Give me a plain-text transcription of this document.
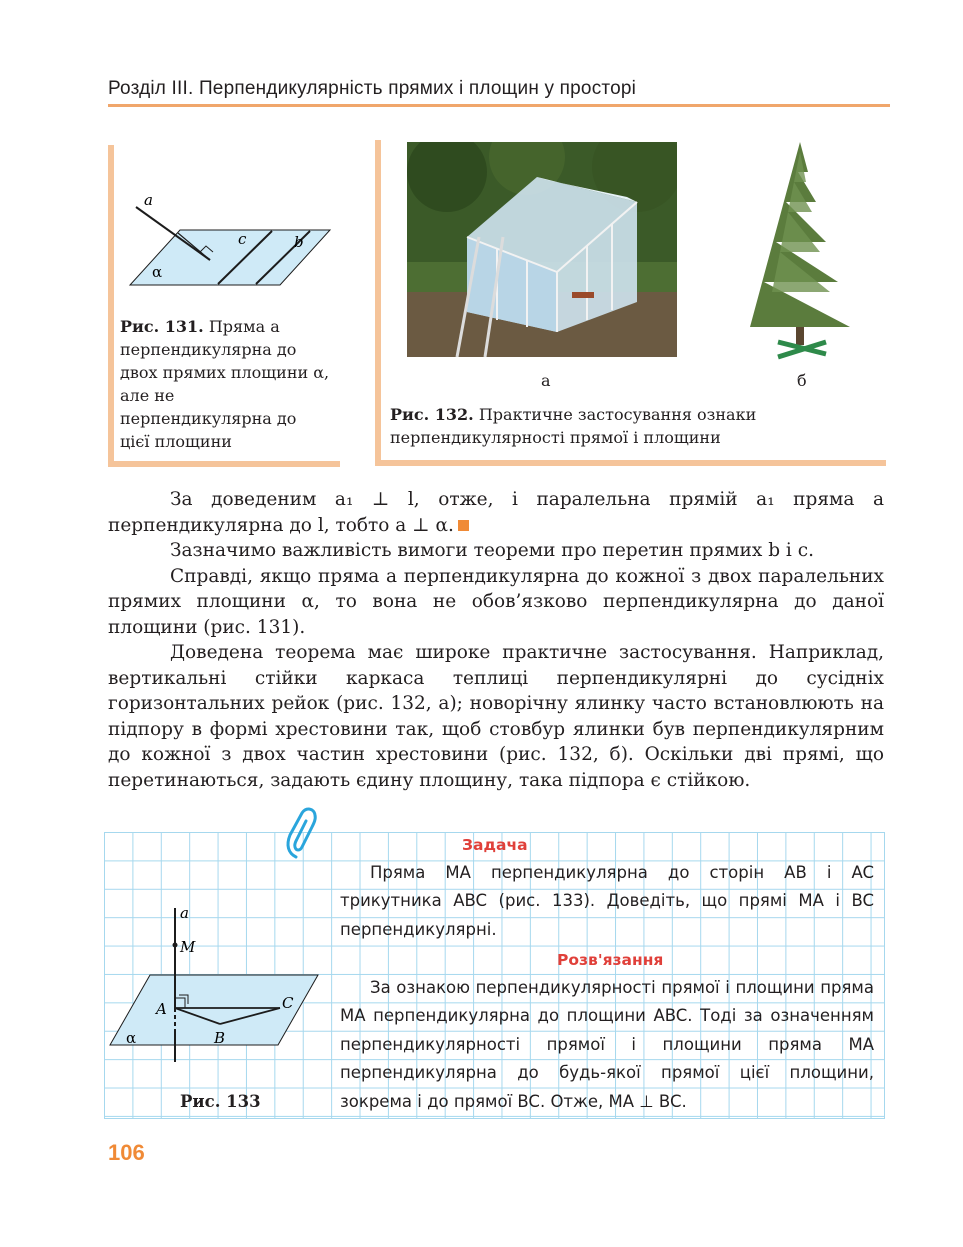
Розділ ІІІ. Перпендикулярність прямих і площин у просторі
a
c	b
α
Рис. 131. Пряма a перпендикулярна до двох прямих площини α, але не перпендикулярна до цієї площини
а	б
Рис. 132. Практичне застосування ознаки перпендикулярності прямої і площини

За доведеним a₁ ⊥ l, отже, і паралельна прямій a₁ пряма a перпендикулярна до l, тобто a ⊥ α.

Зазначимо важливість вимоги теореми про перетин прямих b і c.

Справді, якщо пряма a перпендикулярна до кожної з двох паралельних прямих площини α, то вона не обов’язково перпендикулярна до даної площини (рис. 131).

Доведена теорема має широке практичне застосування. Наприклад, вертикальні стійки каркаса теплиці перпендикулярні до сусідніх горизонтальних рейок (рис. 132, а); новорічну ялинку часто встановлюють на підпору в формі хрестовини так, щоб стовбур ялинки був перпендикулярним до кожної з двох частин хрестовини (рис. 132, б). Оскільки дві прямі, що перетинаються, задають єдину площину, така підпора є стійкою.

Задача

Пряма MA перпендикулярна до сторін AB і AC трикутника ABC (рис. 133). Доведіть, що прямі MA і BC перпендикулярні.

Розв'язання

За ознакою перпендикулярності прямої і площини пряма MA перпендикулярна до площини ABC. Тоді за означенням перпендикулярності прямої і площини пряма MA перпендикулярна до будь-якої прямої цієї площини, зокрема і до прямої BC. Отже, MA ⊥ BC.

a
M
A
B
C
α
Рис. 133
106
